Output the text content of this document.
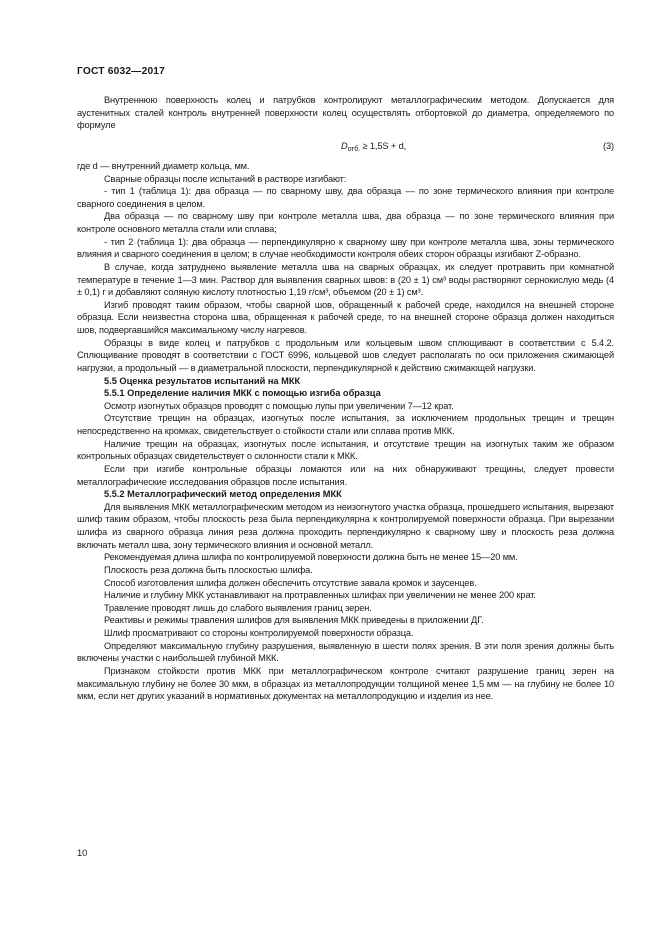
ГОСТ 6032—2017

Внутреннюю поверхность колец и патрубков контролируют металлографическим методом. Допускается для аустенитных сталей контроль внутренней поверхности колец осуществлять отбортовкой до диаметра, определяемого по формуле

$D_{отб.} \ge 1,5S + d$,	(3)

где d — внутренний диаметр кольца, мм.

Сварные образцы после испытаний в растворе изгибают:

- тип 1 (таблица 1): два образца — по сварному шву, два образца — по зоне термического влияния при контроле сварного соединения в целом.

Два образца — по сварному шву при контроле металла шва, два образца — по зоне термического влияния при контроле основного металла стали или сплава;

- тип 2 (таблица 1): два образца — перпендикулярно к сварному шву при контроле металла шва, зоны термического влияния и сварного соединения в целом; в случае необходимости контроля обеих сторон образцы изгибают Z-образно.

В случае, когда затруднено выявление металла шва на сварных образцах, их следует протравить при комнатной температуре в течение 1—3 мин. Раствор для выявления сварных швов: в (20 ± 1) см³ воды растворяют сернокислую медь (4 ± 0,1) г и добавляют соляную кислоту плотностью 1,19 г/см³, объемом (20 ± 1) см³.

Изгиб проводят таким образом, чтобы сварной шов, обращенный к рабочей среде, находился на внешней стороне образца. Если неизвестна сторона шва, обращенная к рабочей среде, то на внешней стороне образца должен находиться шов, подвергавшийся максимальному числу нагревов.

Образцы в виде колец и патрубков с продольным или кольцевым швом сплющивают в соответствии с 5.4.2. Сплющивание проводят в соответствии с ГОСТ 6996, кольцевой шов следует располагать по оси приложения сжимающей нагрузки, а продольный — в диаметральной плоскости, перпендикулярной к действию сжимающей нагрузки.

5.5 Оценка результатов испытаний на МКК

5.5.1 Определение наличия МКК с помощью изгиба образца

Осмотр изогнутых образцов проводят с помощью лупы при увеличении 7—12 крат.

Отсутствие трещин на образцах, изогнутых после испытания, за исключением продольных трещин и трещин непосредственно на кромках, свидетельствует о стойкости стали или сплава против МКК.

Наличие трещин на образцах, изогнутых после испытания, и отсутствие трещин на изогнутых таким же образом контрольных образцах свидетельствует о склонности стали к МКК.

Если при изгибе контрольные образцы ломаются или на них обнаруживают трещины, следует провести металлографические исследования образцов после испытания.

5.5.2 Металлографический метод определения МКК

Для выявления МКК металлографическим методом из неизогнутого участка образца, прошедшего испытания, вырезают шлиф таким образом, чтобы плоскость реза была перпендикулярна к контролируемой поверхности образца. При вырезании шлифа из сварного образца линия реза должна проходить перпендикулярно к сварному шву и плоскость реза должна включать металл шва, зону термического влияния и основной металл.

Рекомендуемая длина шлифа по контролируемой поверхности должна быть не менее 15—20 мм.

Плоскость реза должна быть плоскостью шлифа.

Способ изготовления шлифа должен обеспечить отсутствие завала кромок и заусенцев.

Наличие и глубину МКК устанавливают на протравленных шлифах при увеличении не менее 200 крат.

Травление проводят лишь до слабого выявления границ зерен.

Реактивы и режимы травления шлифов для выявления МКК приведены в приложении ДГ.

Шлиф просматривают со стороны контролируемой поверхности образца.

Определяют максимальную глубину разрушения, выявленную в шести полях зрения. В эти поля зрения должны быть включены участки с наибольшей глубиной МКК.

Признаком стойкости против МКК при металлографическом контроле считают разрушение границ зерен на максимальную глубину не более 30 мкм, в образцах из металлопродукции толщиной менее 1,5 мм — на глубину не более 10 мкм, если нет других указаний в нормативных документах на металлопродукцию и изделия из нее.

10
